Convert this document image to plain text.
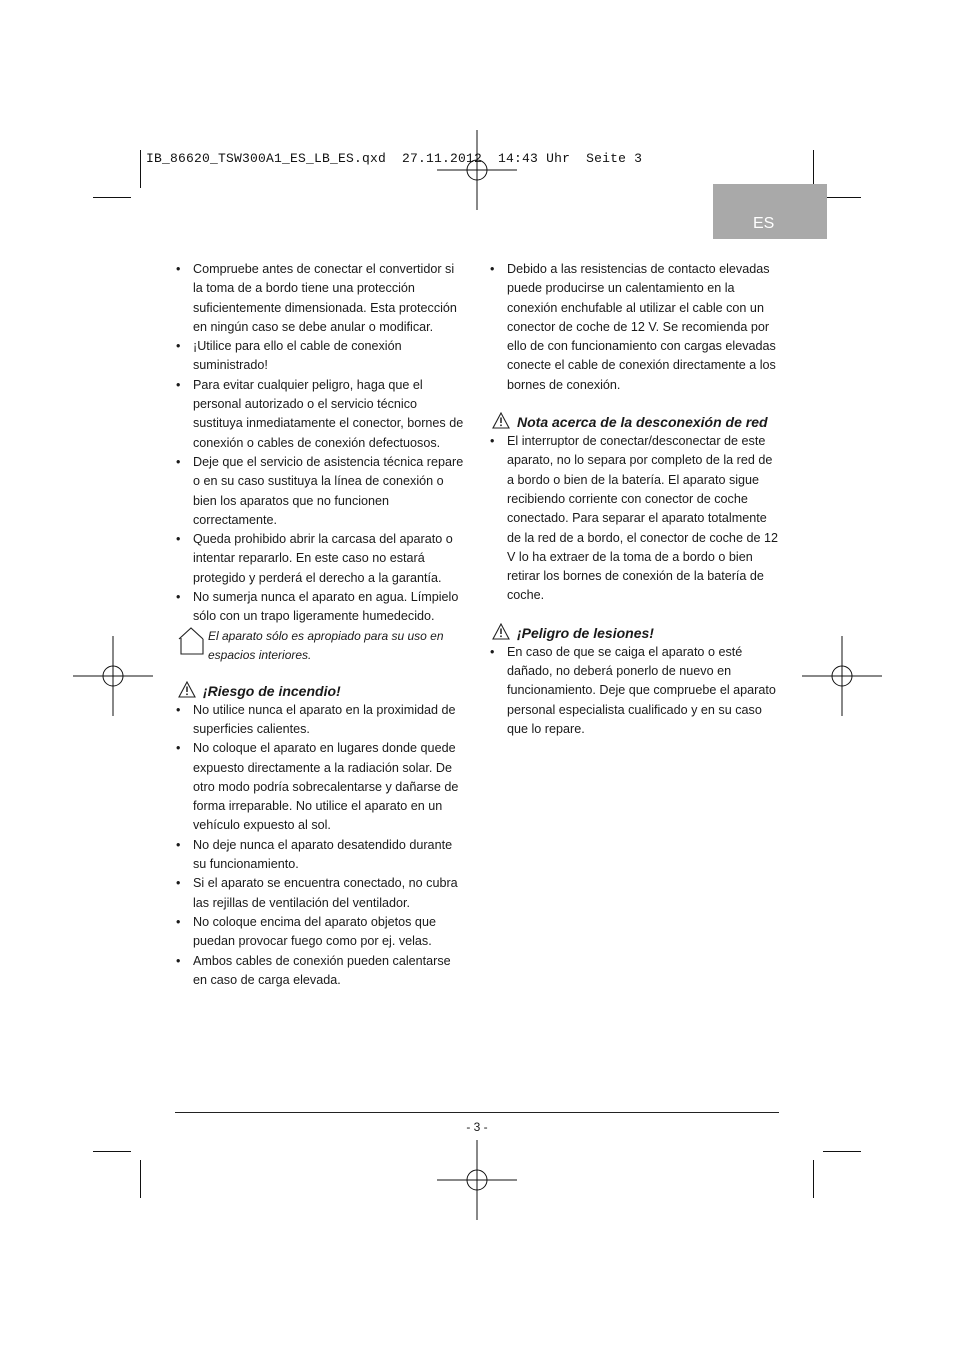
IB_86620_TSW300A1_ES_LB_ES.qxd  27.11.2012  14:43 Uhr  Seite 3
ES
• Compruebe antes de conectar el convertidor si la toma de a bordo tiene una protección suficientemente dimensionada. Esta protección en ningún caso se debe anular o modificar.
• ¡Utilice para ello el cable de conexión suministrado!
• Para evitar cualquier peligro, haga que el personal autorizado o el servicio técnico sustituya inmediatamente el conector, bornes de conexión o cables de conexión defectuosos.
• Deje que el servicio de asistencia técnica repare o en su caso sustituya la línea de conexión o bien los aparatos que no funcionen correctamente.
• Queda prohibido abrir la carcasa del aparato o intentar repararlo. En este caso no estará protegido y perderá el derecho a la garantía.
• No sumerja nunca el aparato en agua. Límpielo sólo con un trapo ligeramente humedecido.
El aparato sólo es apropiado para su uso en espacios interiores.
¡Riesgo de incendio!
• No utilice nunca el aparato en la proximidad de superficies calientes.
• No coloque el aparato en lugares donde quede expuesto directamente a la radiación solar. De otro modo podría sobrecalentarse y dañarse de forma irreparable. No utilice el aparato en un vehículo expuesto al sol.
• No deje nunca el aparato desatendido durante su funcionamiento.
• Si el aparato se encuentra conectado, no cubra las rejillas de ventilación del ventilador.
• No coloque encima del aparato objetos que puedan provocar fuego como por ej. velas.
• Ambos cables de conexión pueden calentarse en caso de carga elevada.
• Debido a las resistencias de contacto elevadas puede producirse un calentamiento en la conexión enchufable al utilizar el cable con un conector de coche de 12 V. Se recomienda por ello de con funcionamiento con cargas elevadas conecte el cable de conexión directamente a los bornes de conexión.
Nota acerca de la desconexión de red
• El interruptor de conectar/desconectar de este aparato, no lo separa por completo de la red de a bordo o bien de la batería. El aparato sigue recibiendo corriente con conector de coche conectado. Para separar el aparato totalmente de la red de a bordo, el conector de coche de 12 V lo ha extraer de la toma de a bordo o bien retirar los bornes de conexión de la batería de coche.
¡Peligro de lesiones!
• En caso de que se caiga el aparato o esté dañado, no deberá ponerlo de nuevo en funcionamiento. Deje que compruebe el aparato personal especialista cualificado y en su caso que lo repare.
- 3 -
